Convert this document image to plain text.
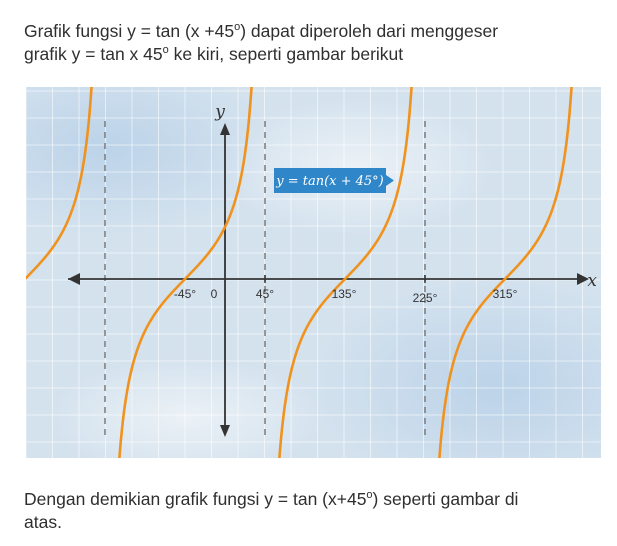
Grafik fungsi $y = \tan (x +45^o)$ dapat diperoleh dari menggeser
grafik y = tan x 45$^o$ ke kiri, seperti gambar berikut
x
y
0
-45°	45°	135°	225°	315°
y = tan(x + 45°)
Dengan demikian grafik fungsi $y = \tan (x+45^o)$ seperti gambar di
atas.
